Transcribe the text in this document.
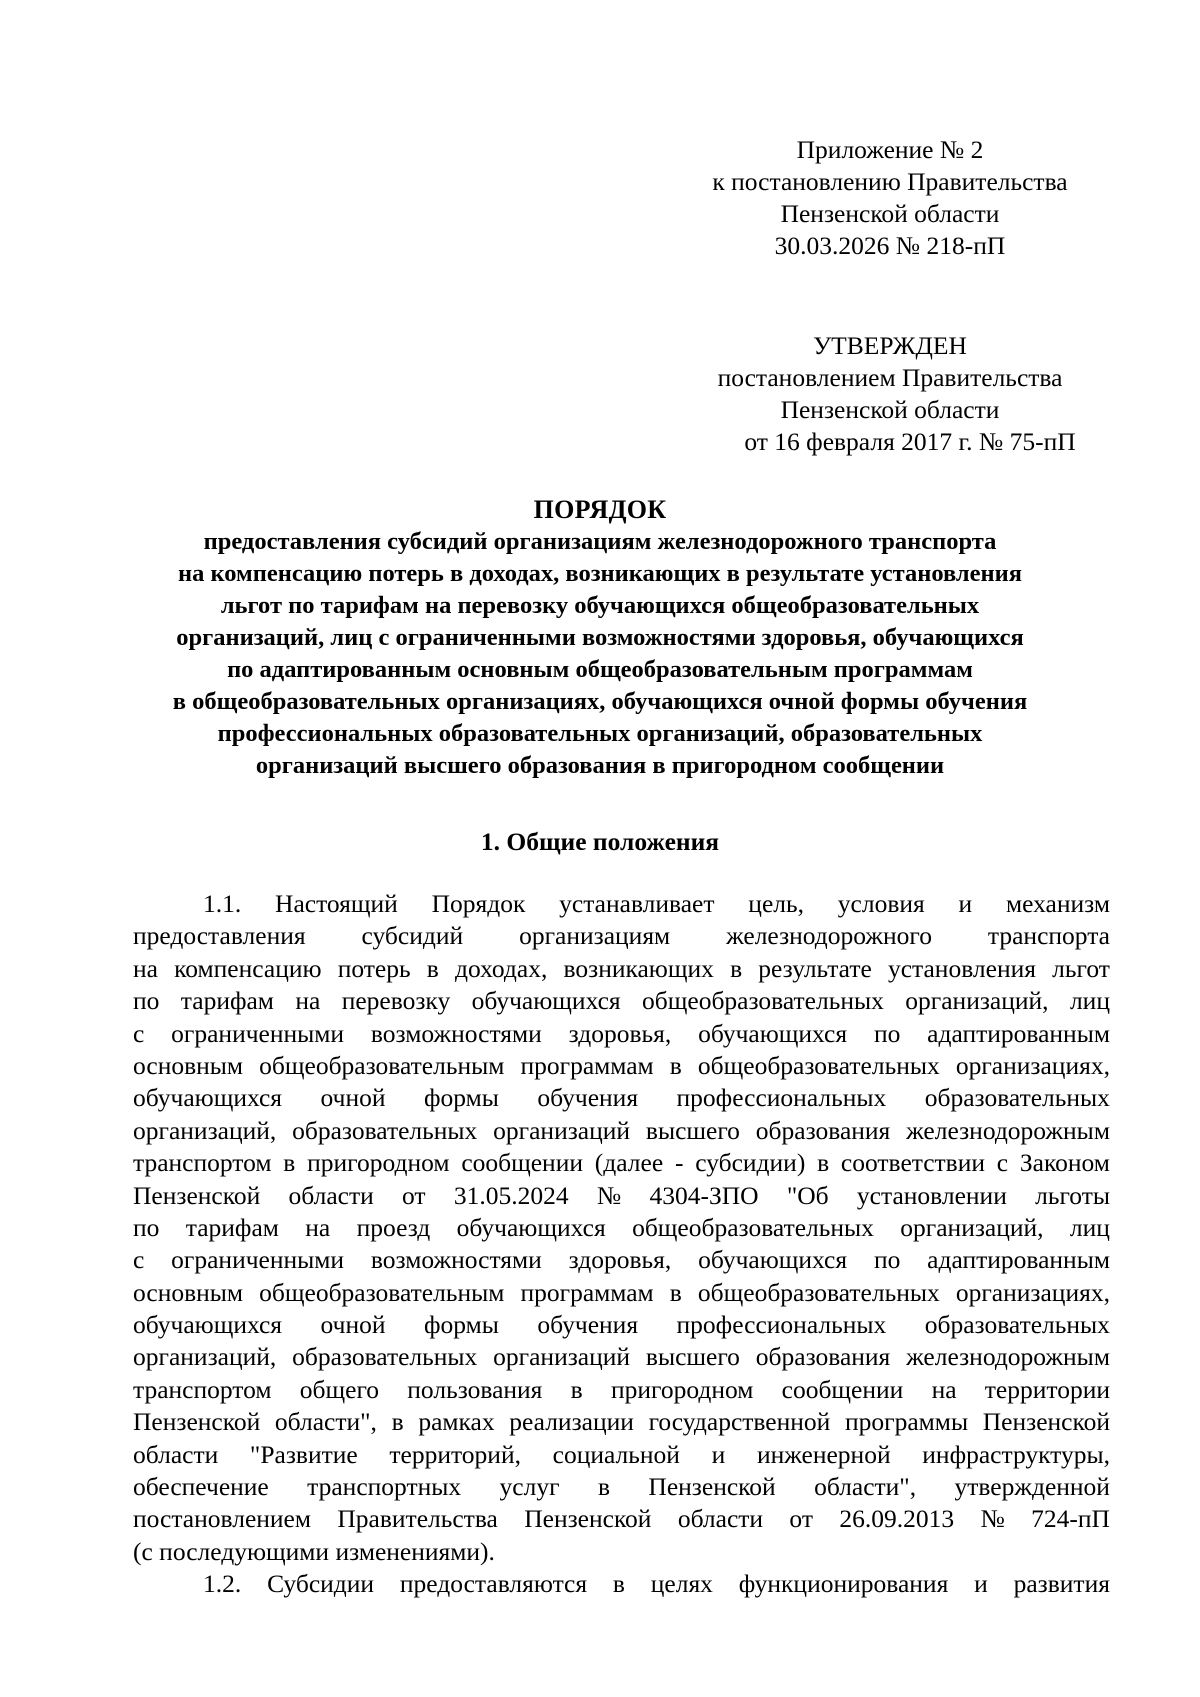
Приложение № 2
к постановлению Правительства
Пензенской области
30.03.2026 № 218-пП
УТВЕРЖДЕН
постановлением Правительства
Пензенской области
от 16 февраля 2017 г. № 75-пП
ПОРЯДОК
предоставления субсидий организациям железнодорожного транспорта
на компенсацию потерь в доходах, возникающих в результате установления
льгот по тарифам на перевозку обучающихся общеобразовательных
организаций, лиц с ограниченными возможностями здоровья, обучающихся
по адаптированным основным общеобразовательным программам
в общеобразовательных организациях, обучающихся очной формы обучения
профессиональных образовательных организаций, образовательных
организаций высшего образования в пригородном сообщении
1. Общие положения
1.1. Настоящий Порядок устанавливает цель, условия и механизм
предоставления субсидий организациям железнодорожного транспорта
на компенсацию потерь в доходах, возникающих в результате установления льгот
по тарифам на перевозку обучающихся общеобразовательных организаций, лиц
с ограниченными возможностями здоровья, обучающихся по адаптированным
основным общеобразовательным программам в общеобразовательных организациях,
обучающихся очной формы обучения профессиональных образовательных
организаций, образовательных организаций высшего образования железнодорожным
транспортом в пригородном сообщении (далее - субсидии) в соответствии с Законом
Пензенской области от 31.05.2024 № 4304-ЗПО "Об установлении льготы
по тарифам на проезд обучающихся общеобразовательных организаций, лиц
с ограниченными возможностями здоровья, обучающихся по адаптированным
основным общеобразовательным программам в общеобразовательных организациях,
обучающихся очной формы обучения профессиональных образовательных
организаций, образовательных организаций высшего образования железнодорожным
транспортом общего пользования в пригородном сообщении на территории
Пензенской области", в рамках реализации государственной программы Пензенской
области "Развитие территорий, социальной и инженерной инфраструктуры,
обеспечение транспортных услуг в Пензенской области", утвержденной
постановлением Правительства Пензенской области от 26.09.2013 № 724-пП
(с последующими изменениями).
1.2. Субсидии предоставляются в целях функционирования и развития
